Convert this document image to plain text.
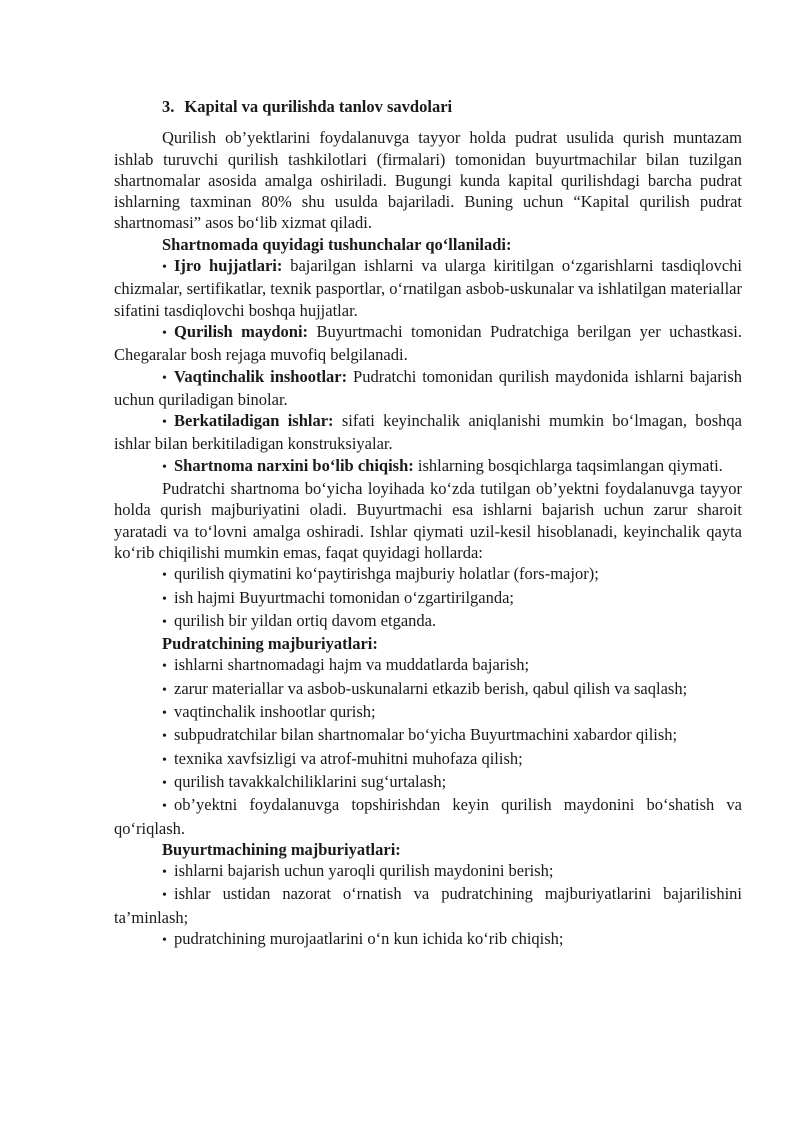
3. Kapital va qurilishda tanlov savdolari

Qurilish ob’yektlarini foydalanuvga tayyor holda pudrat usulida qurish muntazam ishlab turuvchi qurilish tashkilotlari (firmalari) tomonidan buyurtmachilar bilan tuzilgan shartnomalar asosida amalga oshiriladi. Bugungi kunda kapital qurilishdagi barcha pudrat ishlarning taxminan 80% shu usulda bajariladi. Buning uchun “Kapital qurilish pudrat shartnomasi” asos bo‘lib xizmat qiladi.

Shartnomada quyidagi tushunchalar qo‘llaniladi:
• Ijro hujjatlari: bajarilgan ishlarni va ularga kiritilgan o‘zgarishlarni tasdiqlovchi chizmalar, sertifikatlar, texnik pasportlar, o‘rnatilgan asbob-uskunalar va ishlatilgan materiallar sifatini tasdiqlovchi boshqa hujjatlar.
• Qurilish maydoni: Buyurtmachi tomonidan Pudratchiga berilgan yer uchastkasi. Chegaralar bosh rejaga muvofiq belgilanadi.
• Vaqtinchalik inshootlar: Pudratchi tomonidan qurilish maydonida ishlarni bajarish uchun quriladigan binolar.
• Berkatiladigan ishlar: sifati keyinchalik aniqlanishi mumkin bo‘lmagan, boshqa ishlar bilan berkitiladigan konstruksiyalar.
• Shartnoma narxini bo‘lib chiqish: ishlarning bosqichlarga taqsimlangan qiymati.

Pudratchi shartnoma bo‘yicha loyihada ko‘zda tutilgan ob’yektni foydalanuvga tayyor holda qurish majburiyatini oladi. Buyurtmachi esa ishlarni bajarish uchun zarur sharoit yaratadi va to‘lovni amalga oshiradi. Ishlar qiymati uzil-kesil hisoblanadi, keyinchalik qayta ko‘rib chiqilishi mumkin emas, faqat quyidagi hollarda:

• qurilish qiymatini ko‘paytirishga majburiy holatlar (fors-major);
• ish hajmi Buyurtmachi tomonidan o‘zgartirilganda;
• qurilish bir yildan ortiq davom etganda.
Pudratchining majburiyatlari:
• ishlarni shartnomadagi hajm va muddatlarda bajarish;
• zarur materiallar va asbob-uskunalarni etkazib berish, qabul qilish va saqlash;
• vaqtinchalik inshootlar qurish;
• subpudratchilar bilan shartnomalar bo‘yicha Buyurtmachini xabardor qilish;
• texnika xavfsizligi va atrof-muhitni muhofaza qilish;
• qurilish tavakkalchiliklarini sug‘urtalash;
• ob’yektni foydalanuvga topshirishdan keyin qurilish maydonini bo‘shatish va qo‘riqlash.
Buyurtmachining majburiyatlari:
• ishlarni bajarish uchun yaroqli qurilish maydonini berish;
• ishlar ustidan nazorat o‘rnatish va pudratchining majburiyatlarini bajarilishini ta’minlash;
• pudratchining murojaatlarini o‘n kun ichida ko‘rib chiqish;
